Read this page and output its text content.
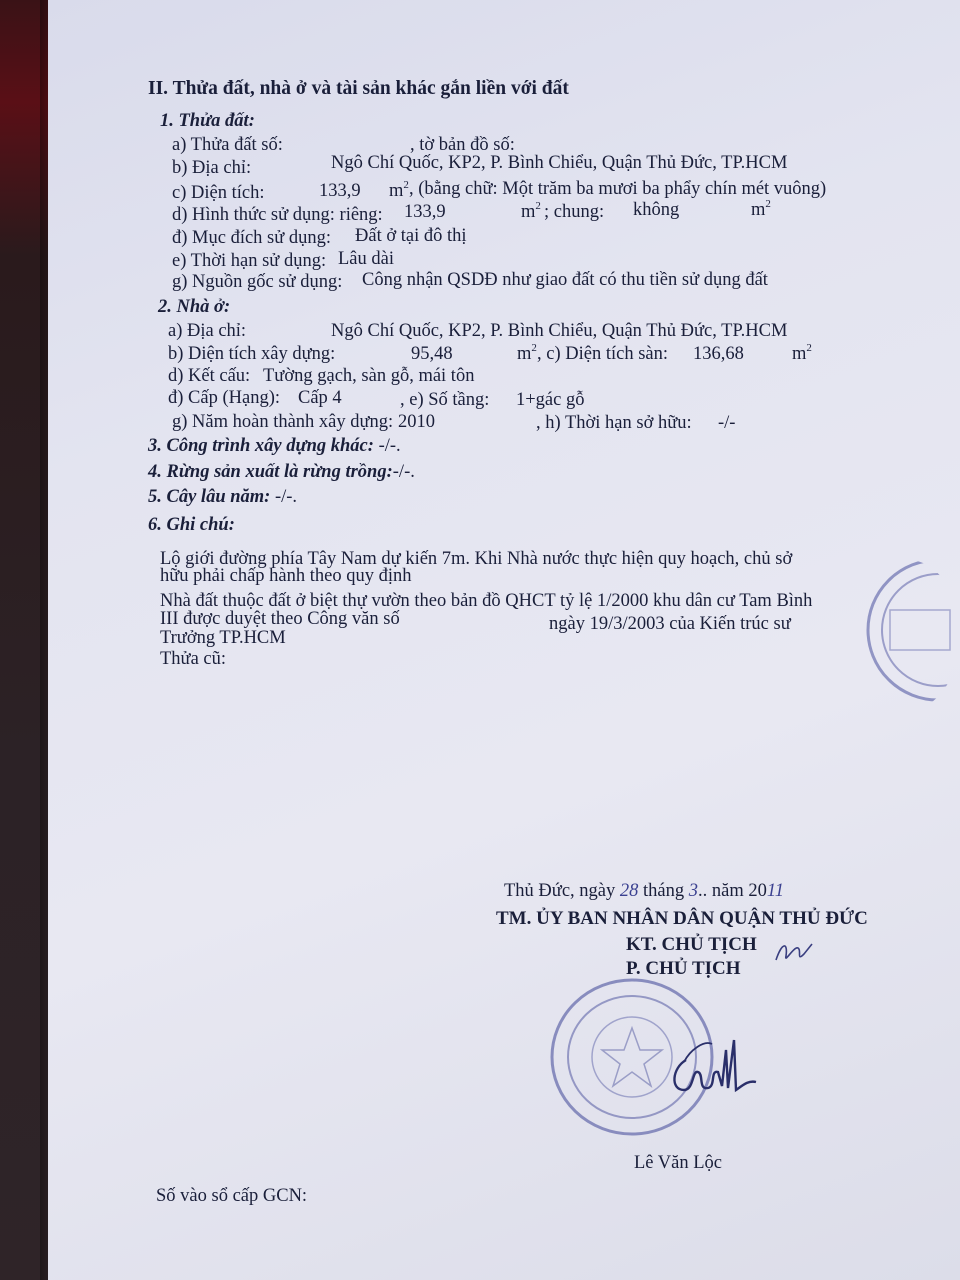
II. Thửa đất, nhà ở và tài sản khác gắn liền với đất
1. Thửa đất:
a) Thửa đất số:	, tờ bản đồ số:
b) Địa chỉ:	Ngô Chí Quốc, KP2, P. Bình Chiểu, Quận Thủ Đức, TP.HCM
c) Diện tích:	133,9 $m^2$ , (bằng chữ: Một trăm ba mươi ba phẩy chín mét vuông)
d) Hình thức sử dụng: riêng: 133,9	$m^2$ ; chung: không	$m^2$
đ) Mục đích sử dụng: Đất ở tại đô thị
e) Thời hạn sử dụng: Lâu dài
g) Nguồn gốc sử dụng: Công nhận QSDĐ như giao đất có thu tiền sử dụng đất
2. Nhà ở:
a) Địa chỉ:	Ngô Chí Quốc, KP2, P. Bình Chiểu, Quận Thủ Đức, TP.HCM
b) Diện tích xây dựng:	95,48	$m^2$ , c) Diện tích sàn: 136,68	$m^2$
d) Kết cấu: Tường gạch, sàn gỗ, mái tôn
đ) Cấp (Hạng): Cấp 4	, e) Số tầng: 1+gác gỗ
g) Năm hoàn thành xây dựng: 2010	, h) Thời hạn sở hữu: -/-
3. Công trình xây dựng khác: -/-.
4. Rừng sản xuất là rừng trồng:-/-.
5. Cây lâu năm: -/-.
6. Ghi chú:
Lộ giới đường phía Tây Nam dự kiến 7m. Khi Nhà nước thực hiện quy hoạch, chủ sở
hữu phải chấp hành theo quy định
Nhà đất thuộc đất ở biệt thự vườn theo bản đồ QHCT tỷ lệ 1/2000 khu dân cư Tam Bình
III được duyệt theo Công văn số	ngày 19/3/2003 của Kiến trúc sư
Trưởng TP.HCM
Thửa cũ:
Thủ Đức, ngày 28 tháng 3.. năm 2011
TM. ỦY BAN NHÂN DÂN QUẬN THỦ ĐỨC
KT. CHỦ TỊCH
P. CHỦ TỊCH
Lê Văn Lộc
Số vào sổ cấp GCN:
